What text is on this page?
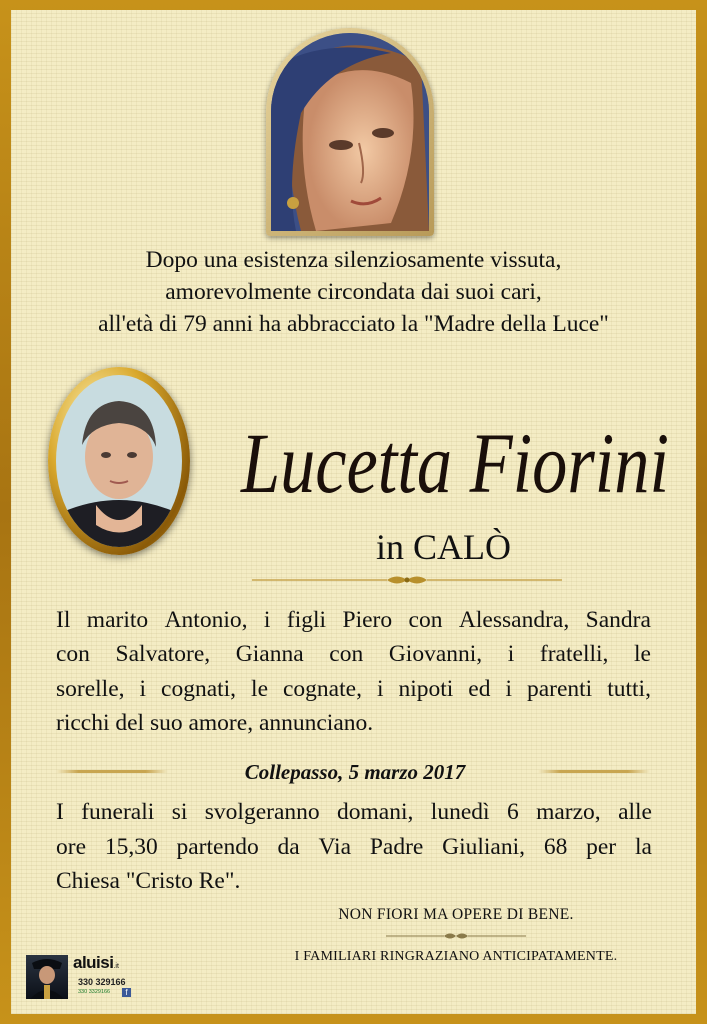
Dopo una esistenza silenziosamente vissuta,
amorevolmente circondata dai suoi cari,
all'età di 79 anni ha abbracciato la "Madre della Luce"
Lucetta Fiorini
in CALÒ
Il marito Antonio, i figli Piero con Alessandra, Sandra
con Salvatore, Gianna con Giovanni, i fratelli, le
sorelle, i cognati, le cognate, i nipoti ed i parenti tutti,
ricchi del suo amore, annunciano.
Collepasso, 5 marzo 2017
I funerali si svolgeranno domani, lunedì 6 marzo, alle
ore 15,30 partendo da Via Padre Giuliani, 68 per la
Chiesa "Cristo Re".
NON FIORI MA OPERE DI BENE.
I FAMILIARI RINGRAZIANO ANTICIPATAMENTE.
aluisi.it
330 329166
330 3329166	f
